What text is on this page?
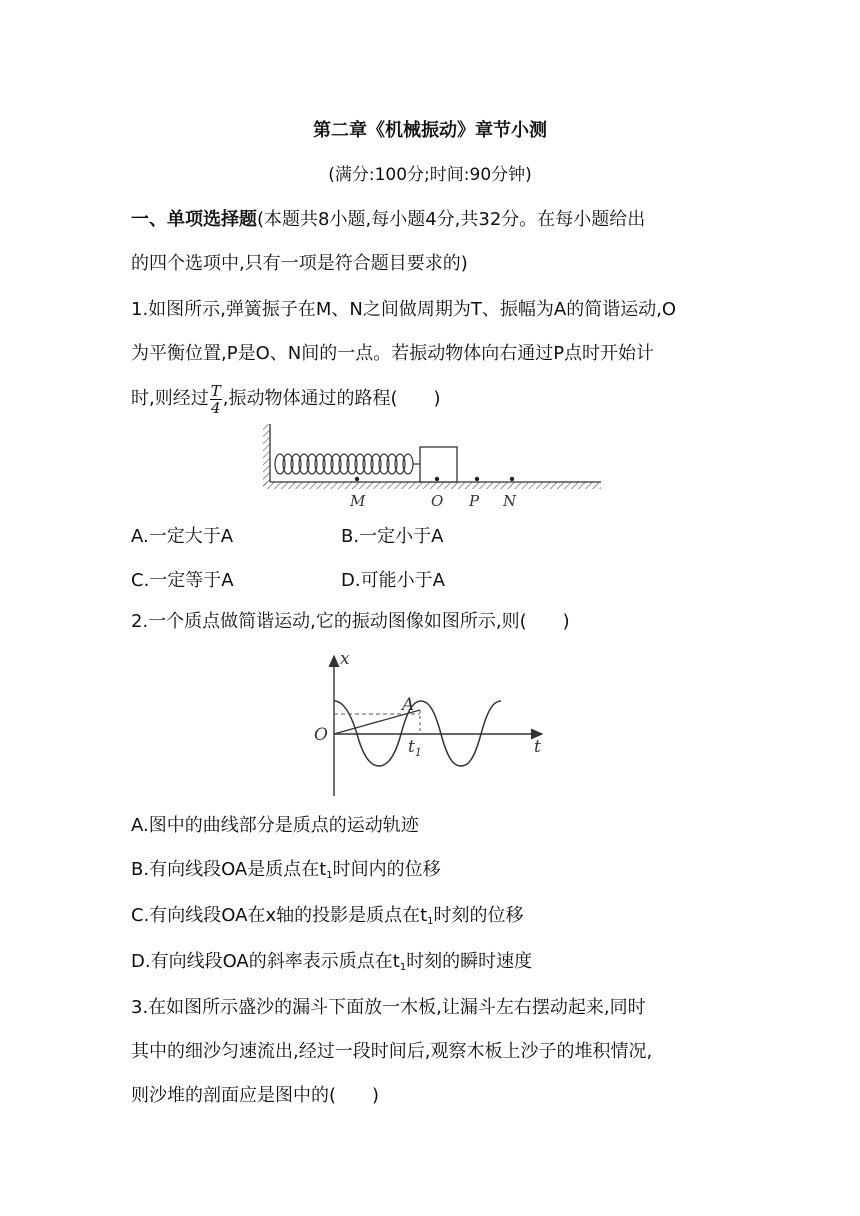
第二章《机械振动》章节小测
(满分:100分;时间:90分钟)
一、单项选择题(本题共8小题,每小题4分,共32分。在每小题给出
的四个选项中,只有一项是符合题目要求的)
1.如图所示,弹簧振子在M、N之间做周期为T、振幅为A的简谐运动,O
为平衡位置,P是O、N间的一点。若振动物体向右通过P点时开始计
时,则经过 $\frac{T}{4}$ ,振动物体通过的路程(　　)
M	O P N
A.一定大于A	B.一定小于A
C.一定等于A	D.可能小于A
2.一个质点做简谐运动,它的振动图像如图所示,则(　　)
x
t
O
A
$t_1$
A.图中的曲线部分是质点的运动轨迹
B.有向线段OA是质点在$t_1$时间内的位移
C.有向线段OA在x轴的投影是质点在$t_1$时刻的位移
D.有向线段OA的斜率表示质点在$t_1$时刻的瞬时速度
3.在如图所示盛沙的漏斗下面放一木板,让漏斗左右摆动起来,同时
其中的细沙匀速流出,经过一段时间后,观察木板上沙子的堆积情况,
则沙堆的剖面应是图中的(　　)
